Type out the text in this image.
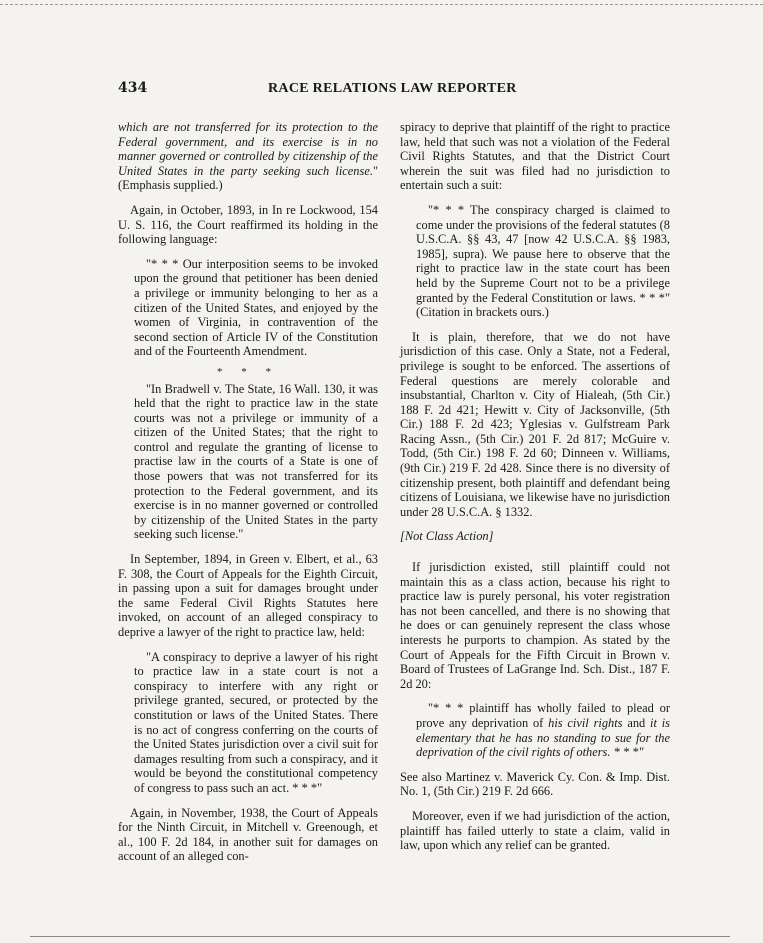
434	RACE RELATIONS LAW REPORTER

which are not transferred for its protection to the Federal government, and its exercise is in no manner governed or controlled by citizenship of the United States in the party seeking such license." (Emphasis supplied.)

Again, in October, 1893, in In re Lockwood, 154 U. S. 116, the Court reaffirmed its holding in the following language:

"* * * Our interposition seems to be invoked upon the ground that petitioner has been denied a privilege or immunity belonging to her as a citizen of the United States, and enjoyed by the women of Virginia, in contravention of the second section of Article IV of the Constitution and of the Fourteenth Amendment.

* * *

"In Bradwell v. The State, 16 Wall. 130, it was held that the right to practice law in the state courts was not a privilege or immunity of a citizen of the United States; that the right to control and regulate the granting of license to practise law in the courts of a State is one of those powers that was not transferred for its protection to the Federal government, and its exercise is in no manner governed or controlled by citizenship of the United States in the party seeking such license."

In September, 1894, in Green v. Elbert, et al., 63 F. 308, the Court of Appeals for the Eighth Circuit, in passing upon a suit for damages brought under the same Federal Civil Rights Statutes here invoked, on account of an alleged conspiracy to deprive a lawyer of the right to practice law, held:

"A conspiracy to deprive a lawyer of his right to practice law in a state court is not a conspiracy to interfere with any right or privilege granted, secured, or protected by the constitution or laws of the United States. There is no act of congress conferring on the courts of the United States jurisdiction over a civil suit for damages resulting from such a conspiracy, and it would be beyond the constitutional competency of congress to pass such an act. * * *"

Again, in November, 1938, the Court of Appeals for the Ninth Circuit, in Mitchell v. Greenough, et al., 100 F. 2d 184, in another suit for damages on account of an alleged con-

spiracy to deprive that plaintiff of the right to practice law, held that such was not a violation of the Federal Civil Rights Statutes, and that the District Court wherein the suit was filed had no jurisdiction to entertain such a suit:

"* * * The conspiracy charged is claimed to come under the provisions of the federal statutes (8 U.S.C.A. §§ 43, 47 [now 42 U.S.C.A. §§ 1983, 1985], supra). We pause here to observe that the right to practice law in the state court has been held by the Supreme Court not to be a privilege granted by the Federal Constitution or laws. * * *" (Citation in brackets ours.)

It is plain, therefore, that we do not have jurisdiction of this case. Only a State, not a Federal, privilege is sought to be enforced. The assertions of Federal questions are merely colorable and insubstantial, Charlton v. City of Hialeah, (5th Cir.) 188 F. 2d 421; Hewitt v. City of Jacksonville, (5th Cir.) 188 F. 2d 423; Yglesias v. Gulfstream Park Racing Assn., (5th Cir.) 201 F. 2d 817; McGuire v. Todd, (5th Cir.) 198 F. 2d 60; Dinneen v. Williams, (9th Cir.) 219 F. 2d 428. Since there is no diversity of citizenship present, both plaintiff and defendant being citizens of Louisiana, we likewise have no jurisdiction under 28 U.S.C.A. § 1332.

[Not Class Action]

If jurisdiction existed, still plaintiff could not maintain this as a class action, because his right to practice law is purely personal, his voter registration has not been cancelled, and there is no showing that he does or can genuinely represent the class whose interests he purports to champion. As stated by the Court of Appeals for the Fifth Circuit in Brown v. Board of Trustees of LaGrange Ind. Sch. Dist., 187 F. 2d 20:

"* * * plaintiff has wholly failed to plead or prove any deprivation of his civil rights and it is elementary that he has no standing to sue for the deprivation of the civil rights of others. * * *"

See also Martinez v. Maverick Cy. Con. & Imp. Dist. No. 1, (5th Cir.) 219 F. 2d 666.

Moreover, even if we had jurisdiction of the action, plaintiff has failed utterly to state a claim, valid in law, upon which any relief can be granted.
